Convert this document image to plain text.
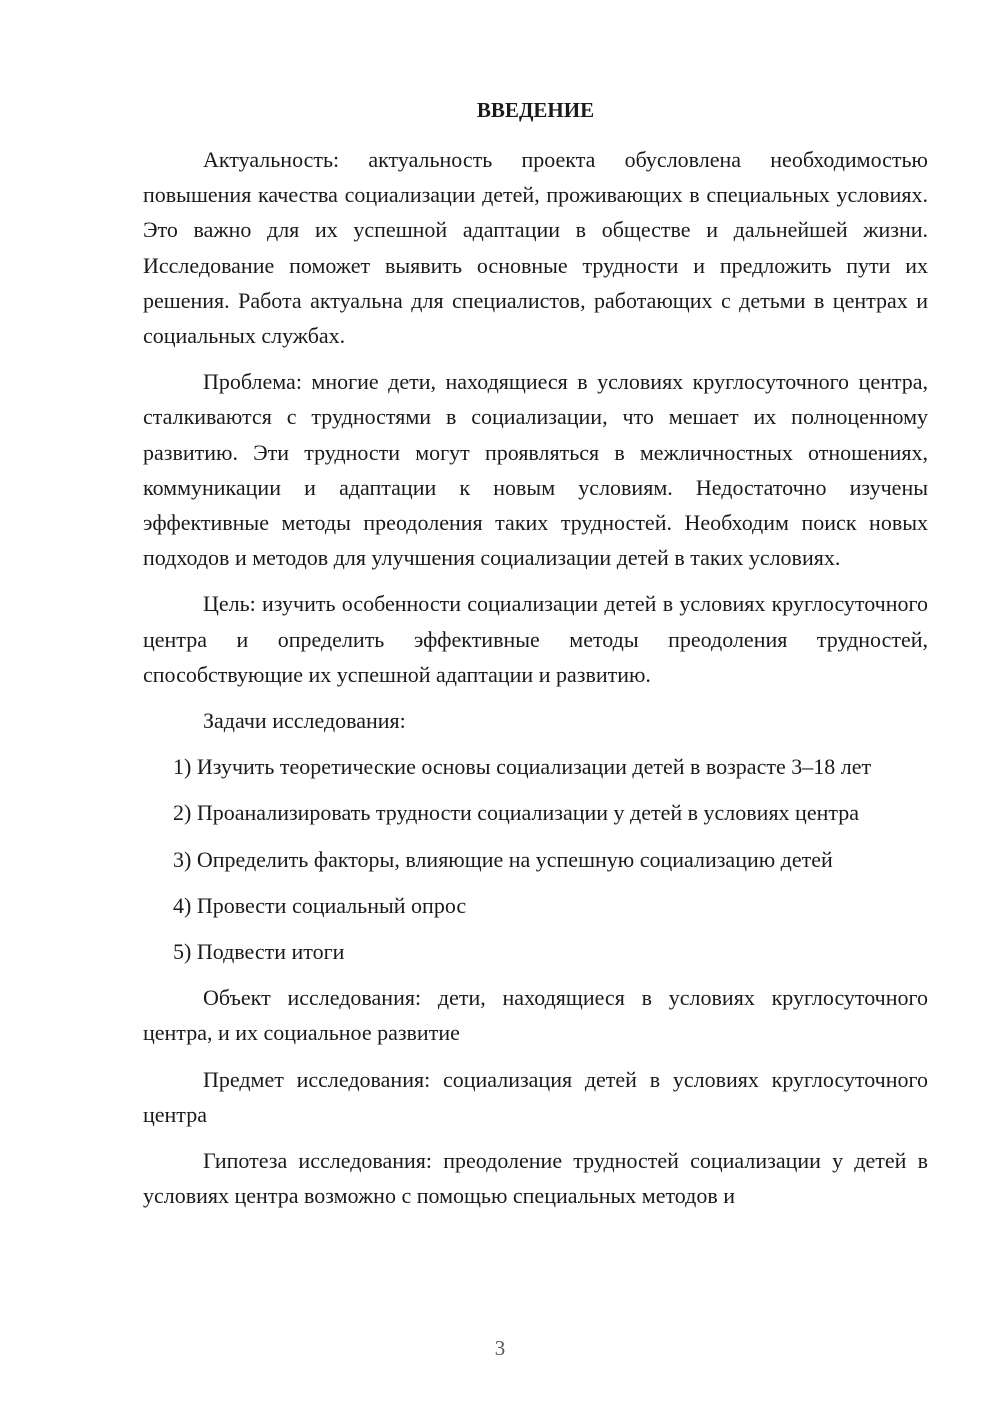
ВВЕДЕНИЕ

Актуальность: актуальность проекта обусловлена необходимостью повышения качества социализации детей, проживающих в специальных условиях. Это важно для их успешной адаптации в обществе и дальнейшей жизни. Исследование поможет выявить основные трудности и предложить пути их решения. Работа актуальна для специалистов, работающих с детьми в центрах и социальных службах.

Проблема: многие дети, находящиеся в условиях круглосуточного центра, сталкиваются с трудностями в социализации, что мешает их полноценному развитию. Эти трудности могут проявляться в межличностных отношениях, коммуникации и адаптации к новым условиям. Недостаточно изучены эффективные методы преодоления таких трудностей. Необходим поиск новых подходов и методов для улучшения социализации детей в таких условиях.

Цель: изучить особенности социализации детей в условиях круглосуточного центра и определить эффективные методы преодоления трудностей, способствующие их успешной адаптации и развитию.

Задачи исследования:

1) Изучить теоретические основы социализации детей в возрасте 3–18 лет

2) Проанализировать трудности социализации у детей в условиях центра

3) Определить факторы, влияющие на успешную социализацию детей

4) Провести социальный опрос

5) Подвести итоги

Объект исследования: дети, находящиеся в условиях круглосуточного центра, и их социальное развитие

Предмет исследования: социализация детей в условиях круглосуточного центра

Гипотеза исследования: преодоление трудностей социализации у детей в условиях центра возможно с помощью специальных методов и

3
